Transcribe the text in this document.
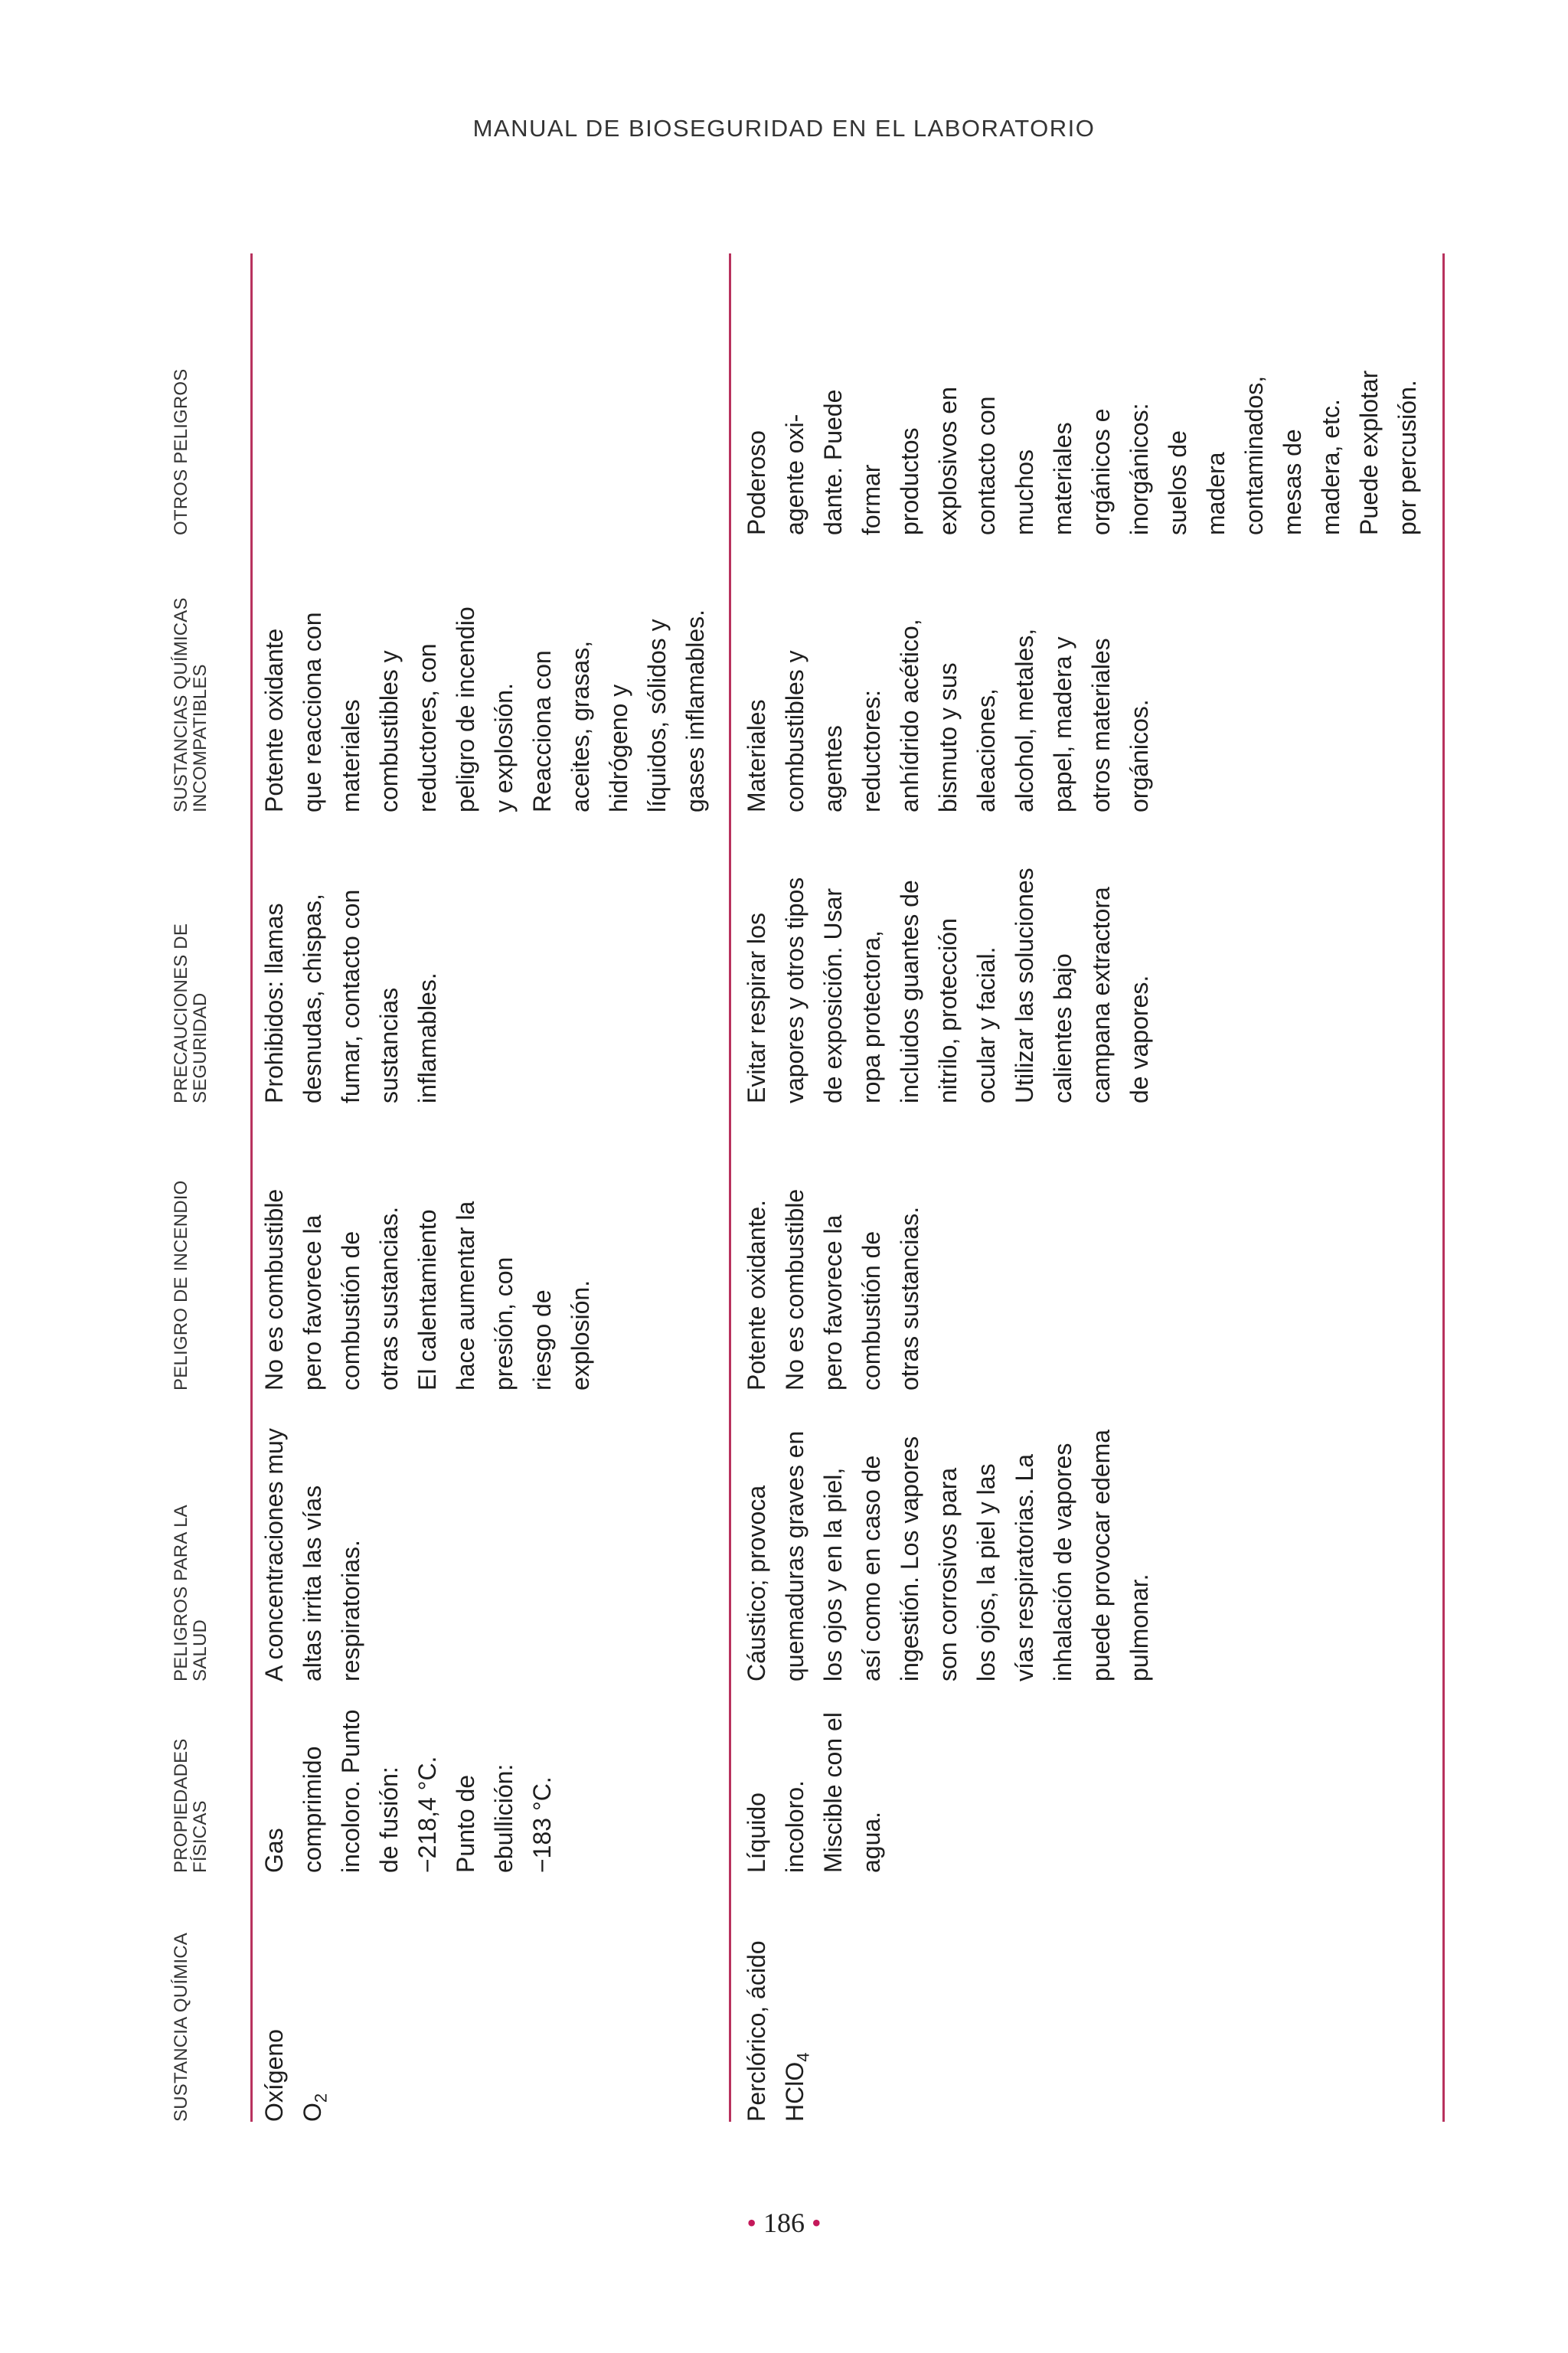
MANUAL DE BIOSEGURIDAD EN EL LABORATORIO
SUSTANCIA QUÍMICA
PROPIEDADES
FÍSICAS
PELIGROS PARA LA
SALUD
PELIGRO DE INCENDIO
PRECAUCIONES DE
SEGURIDAD
SUSTANCIAS QUÍMICAS
INCOMPATIBLES
OTROS PELIGROS
Oxígeno $O_2$
Gas
comprimido
incoloro. Punto
de fusión:
−218,4 °C.
Punto de
ebullición:
−183 °C.
A concentraciones muy
altas irrita las vías
respiratorias.
No es combustible
pero favorece la
combustión de
otras sustancias.
El calentamiento
hace aumentar la
presión, con
riesgo de
explosión.
Prohibidos: llamas
desnudas, chispas,
fumar, contacto con
sustancias
inflamables.
Potente oxidante
que reacciona con
materiales
combustibles y
reductores, con
peligro de incendio
y explosión.
Reacciona con
aceites, grasas,
hidrógeno y
líquidos, sólidos y
gases inflamables.
Perclórico, ácido HClO$_4$
Líquido
incoloro.
Miscible con el
agua.
Cáustico; provoca
quemaduras graves en
los ojos y en la piel,
así como en caso de
ingestión. Los vapores
son corrosivos para
los ojos, la piel y las
vías respiratorias. La
inhalación de vapores
puede provocar edema
pulmonar.
Potente oxidante.
No es combustible
pero favorece la
combustión de
otras sustancias.
Evitar respirar los
vapores y otros tipos
de exposición. Usar
ropa protectora,
incluidos guantes de
nitrilo, protección
ocular y facial.
Utilizar las soluciones
calientes bajo
campana extractora
de vapores.
Materiales
combustibles y
agentes
reductores:
anhídrido acético,
bismuto y sus
aleaciones,
alcohol, metales,
papel, madera y
otros materiales
orgánicos.
Poderoso
agente oxi-
dante. Puede
formar
productos
explosivos en
contacto con
muchos
materiales
orgánicos e
inorgánicos:
suelos de
madera
contaminados,
mesas de
madera, etc.
Puede explotar
por percusión.
• 186 •
